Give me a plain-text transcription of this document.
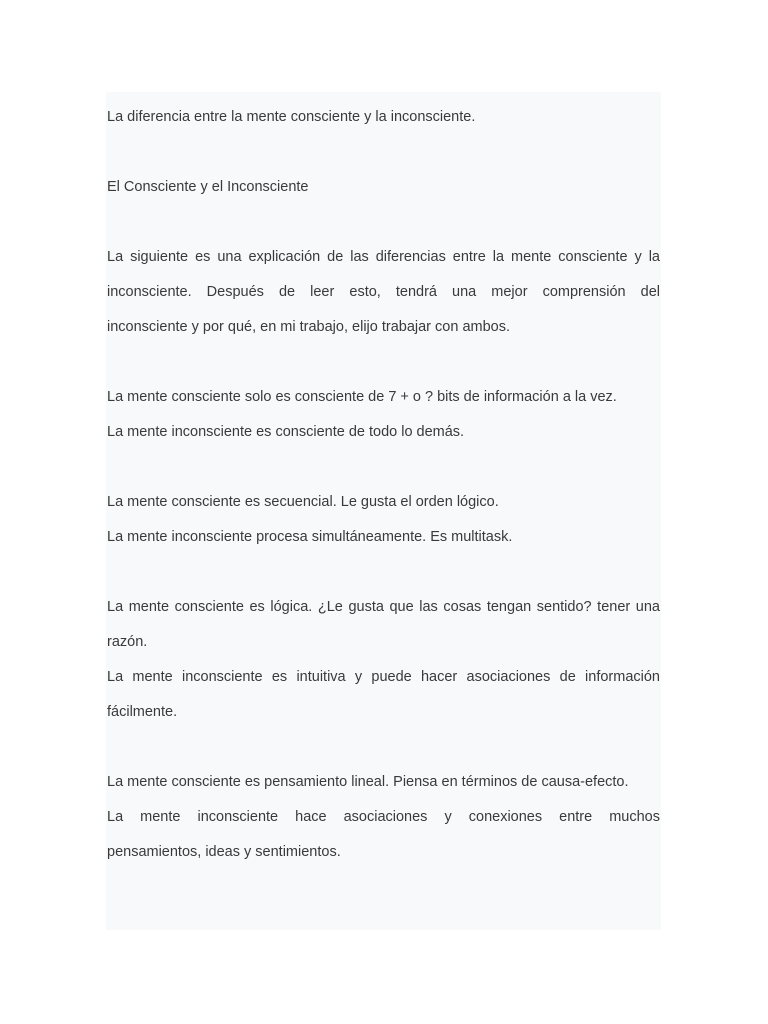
La diferencia entre la mente consciente y la inconsciente.

El Consciente y el Inconsciente

La siguiente es una explicación de las diferencias entre la mente consciente y la
inconsciente. Después de leer esto, tendrá una mejor comprensión del
inconsciente y por qué, en mi trabajo, elijo trabajar con ambos.

La mente consciente solo es consciente de 7 + o ? bits de información a la vez.
La mente inconsciente es consciente de todo lo demás.

La mente consciente es secuencial. Le gusta el orden lógico.
La mente inconsciente procesa simultáneamente. Es multitask.

La mente consciente es lógica. ¿Le gusta que las cosas tengan sentido? tener una
razón.
La mente inconsciente es intuitiva y puede hacer asociaciones de información
fácilmente.

La mente consciente es pensamiento lineal. Piensa en términos de causa-efecto.
La mente inconsciente hace asociaciones y conexiones entre muchos
pensamientos, ideas y sentimientos.
